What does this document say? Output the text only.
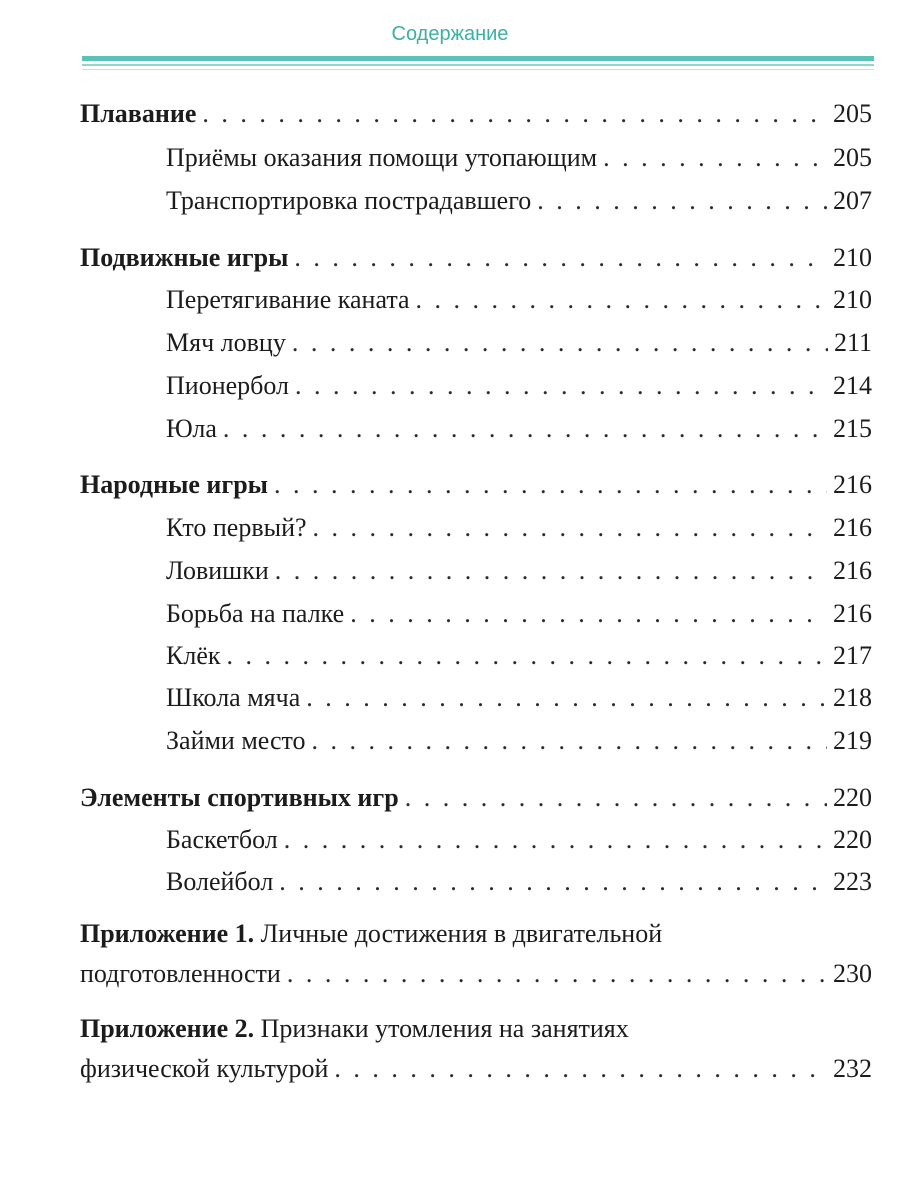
Содержание
Плавание . . .	205
Приёмы оказания помощи утопающим . . .	205
Транспортировка пострадавшего . . .	207
Подвижные игры . . .	210
Перетягивание каната . . .	210
Мяч ловцу . . .	211
Пионербол . . .	214
Юла . . .	215
Народные игры . . .	216
Кто первый? . . .	216
Ловишки . . .	216
Борьба на палке . . .	216
Клёк . . .	217
Школа мяча . . .	218
Займи место . . .	219
Элементы спортивных игр . . .	220
Баскетбол . . .	220
Волейбол . . .	223
Приложение 1. Личные достижения в двигательной
подготовленности . . .	230
Приложение 2. Признаки утомления на занятиях
физической культурой . . .	232
